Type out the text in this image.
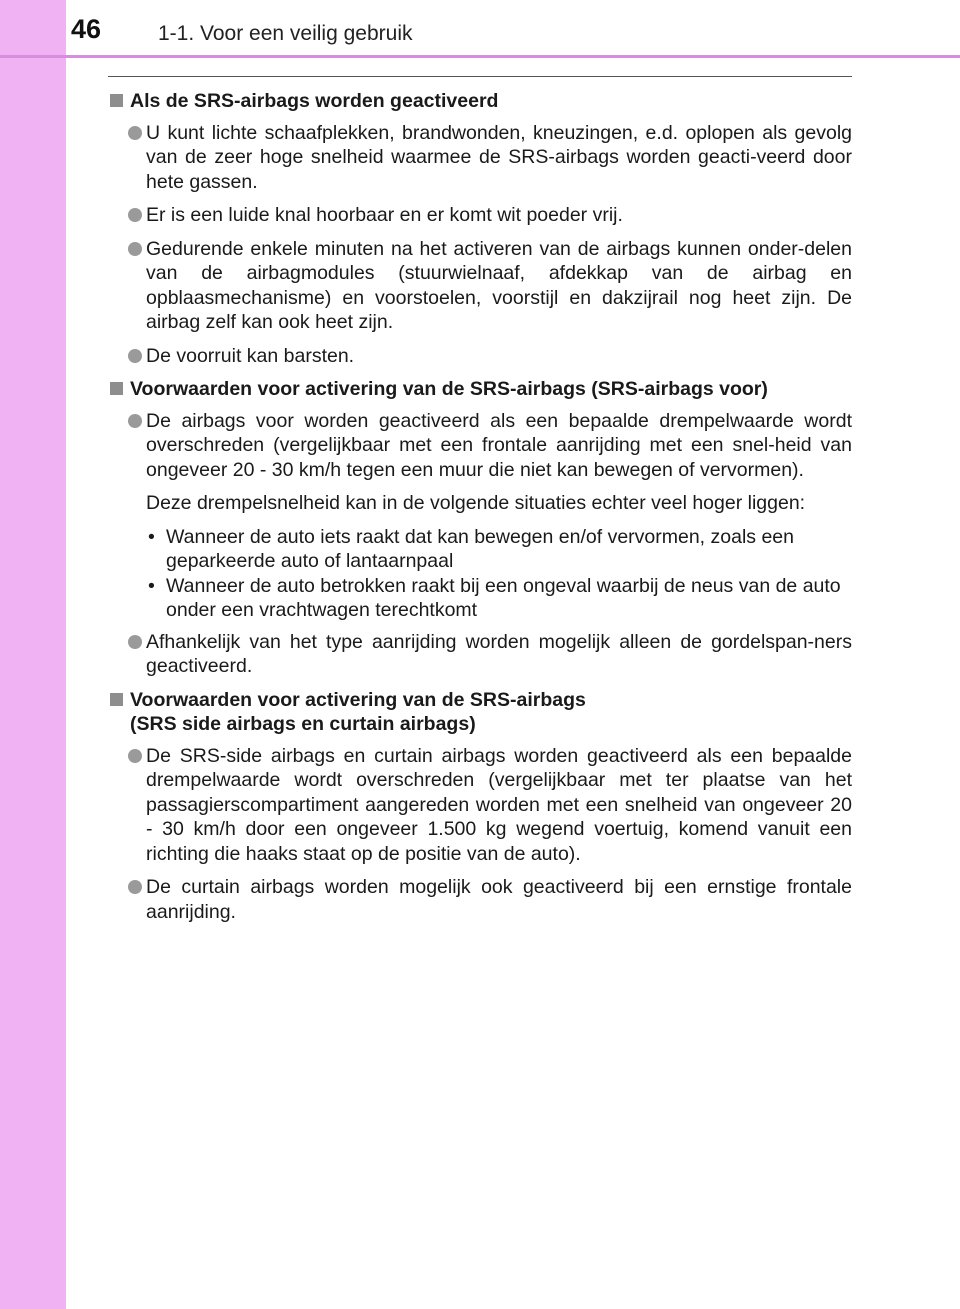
46	1-1. Voor een veilig gebruik
Als de SRS-airbags worden geactiveerd
U kunt lichte schaafplekken, brandwonden, kneuzingen, e.d. oplopen als gevolg van de zeer hoge snelheid waarmee de SRS-airbags worden geacti-veerd door hete gassen.
Er is een luide knal hoorbaar en er komt wit poeder vrij.
Gedurende enkele minuten na het activeren van de airbags kunnen onder-delen van de airbagmodules (stuurwielnaaf, afdekkap van de airbag en opblaasmechanisme) en voorstoelen, voorstijl en dakzijrail nog heet zijn. De airbag zelf kan ook heet zijn.
De voorruit kan barsten.
Voorwaarden voor activering van de SRS-airbags (SRS-airbags voor)
De airbags voor worden geactiveerd als een bepaalde drempelwaarde wordt overschreden (vergelijkbaar met een frontale aanrijding met een snel-heid van ongeveer 20 - 30 km/h tegen een muur die niet kan bewegen of vervormen).
Deze drempelsnelheid kan in de volgende situaties echter veel hoger liggen:
• Wanneer de auto iets raakt dat kan bewegen en/of vervormen, zoals een geparkeerde auto of lantaarnpaal
• Wanneer de auto betrokken raakt bij een ongeval waarbij de neus van de auto onder een vrachtwagen terechtkomt
Afhankelijk van het type aanrijding worden mogelijk alleen de gordelspan-ners geactiveerd.
Voorwaarden voor activering van de SRS-airbags
(SRS side airbags en curtain airbags)
De SRS-side airbags en curtain airbags worden geactiveerd als een bepaalde drempelwaarde wordt overschreden (vergelijkbaar met ter plaatse van het passagierscompartiment aangereden worden met een snelheid van ongeveer 20 - 30 km/h door een ongeveer 1.500 kg wegend voertuig, komend vanuit een richting die haaks staat op de positie van de auto).
De curtain airbags worden mogelijk ook geactiveerd bij een ernstige frontale aanrijding.
